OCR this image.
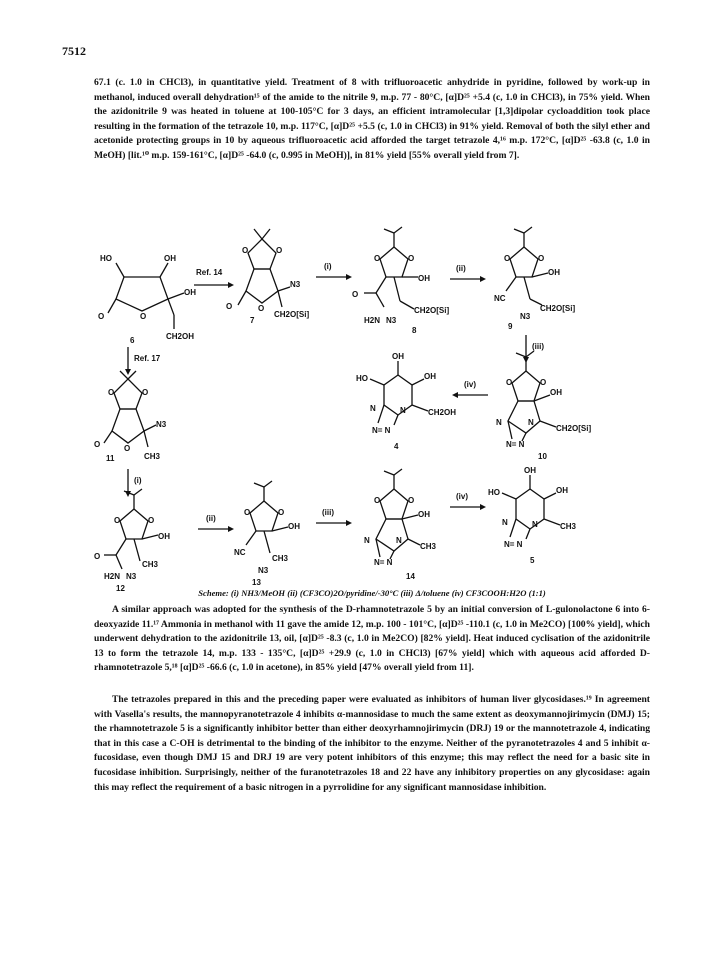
7512

67.1 (c. 1.0 in CHCl3), in quantitative yield. Treatment of 8 with trifluoroacetic anhydride in pyridine, followed by work-up in methanol, induced overall dehydration¹⁵ of the amide to the nitrile 9, m.p. 77 - 80°C, [α]D²⁵ +5.4 (c, 1.0 in CHCl3), in 75% yield. When the azidonitrile 9 was heated in toluene at 100-105°C for 3 days, an efficient intramolecular [1,3]dipolar cycloaddition took place resulting in the formation of the tetrazole 10, m.p. 117°C, [α]D²⁵ +5.5 (c, 1.0 in CHCl3) in 91% yield. Removal of both the silyl ether and acetonide protecting groups in 10 by aqueous trifluoroacetic acid afforded the target tetrazole 4,¹⁶ m.p. 172°C, [α]D²⁵ -63.8 (c, 1.0 in MeOH) [lit.¹⁰ m.p. 159-161°C, [α]D²⁵ -64.0 (c, 0.995 in MeOH)], in 81% yield [55% overall yield from 7].

HO	OH
OH
O	O
CH2OH
6
Ref. 14
O	O
O	O
N3
CH2O[Si]
7
(i)
O	O
OH
O
CH2O[Si]
H2N N3
8
(ii)
O	O
OH
NC
CH2O[Si]
N3
9
(iii)
O	O
OH
N	N
CH2O[Si]
N= N
10
(iv)
OH
HO	OH
N	N	CH2OH
N= N
4
Ref. 17
O	O
N3
O	O
11	CH3
(i)
O	O
OH
O
CH3
H2N N3
12
(ii)
O	O
OH
NC
CH3
N3
13
(iii)
O	O
OH
N	N
CH3
N= N
14
(iv)
OH
HO	OH
N	N	CH3
N= N
5
Scheme: (i) NH3/MeOH (ii) (CF3CO)2O/pyridine/-30°C (iii) Δ/toluene (iv) CF3COOH:H2O (1:1)

A similar approach was adopted for the synthesis of the D-rhamnotetrazole 5 by an initial conversion of L-gulonolactone 6 into 6-deoxyazide 11.¹⁷ Ammonia in methanol with 11 gave the amide 12, m.p. 100 - 101°C, [α]D²⁵ -110.1 (c, 1.0 in Me2CO) [100% yield], which underwent dehydration to the azidonitrile 13, oil, [α]D²⁵ -8.3 (c, 1.0 in Me2CO) [82% yield]. Heat induced cyclisation of the azidonitrile 13 to form the tetrazole 14, m.p. 133 - 135°C, [α]D²⁵ +29.9 (c, 1.0 in CHCl3) [67% yield] which with aqueous acid afforded D-rhamnotetrazole 5,¹⁸ [α]D²⁵ -66.6 (c, 1.0 in acetone), in 85% yield [47% overall yield from 11].

The tetrazoles prepared in this and the preceding paper were evaluated as inhibitors of human liver glycosidases.¹⁹ In agreement with Vasella's results, the mannopyranotetrazole 4 inhibits α-mannosidase to much the same extent as deoxymannojirimycin (DMJ) 15; the rhamnotetrazole 5 is a significantly inhibitor better than either deoxyrhamnojirimycin (DRJ) 19 or the mannotetrazole 4, indicating that in this case a C-OH is detrimental to the binding of the inhibitor to the enzyme. Neither of the pyranotetrazoles 4 and 5 inhibit α-fucosidase, even though DMJ 15 and DRJ 19 are very potent inhibitors of this enzyme; this may reflect the need for a basic site in fucosidase inhibition. Surprisingly, neither of the furanotetrazoles 18 and 22 have any inhibitory properties on any glycosidase: again this may reflect the requirement of a basic nitrogen in a pyrrolidine for any significant mannosidase inhibition.
